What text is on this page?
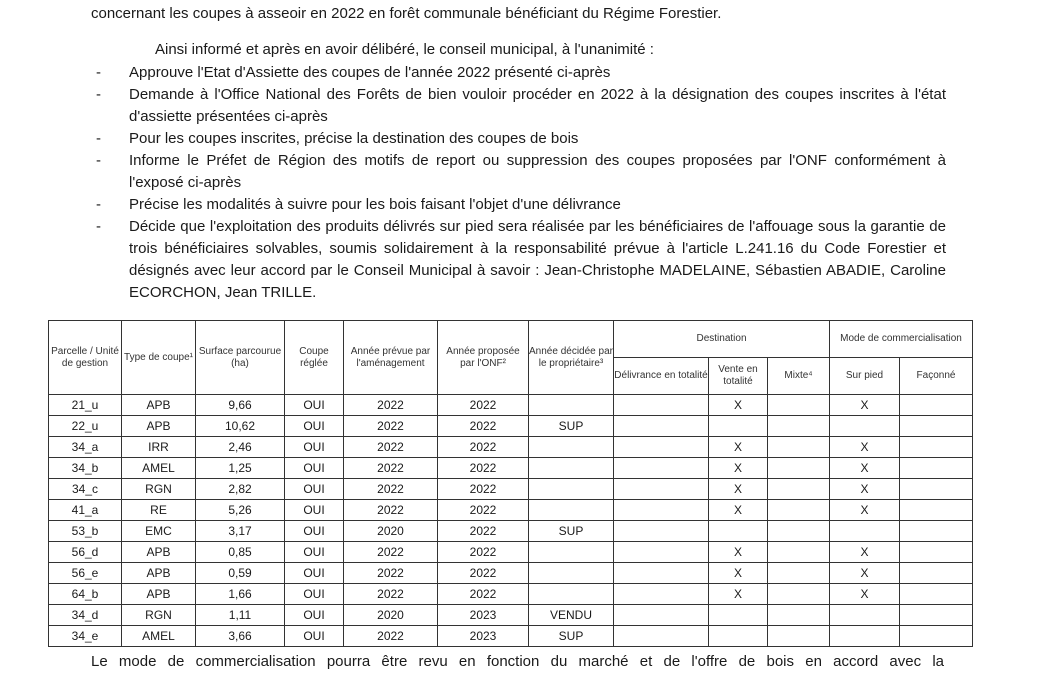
concernant les coupes à asseoir en 2022 en forêt communale bénéficiant du Régime Forestier.
Ainsi informé et après en avoir délibéré, le conseil municipal, à l'unanimité :
-	Approuve l'Etat d'Assiette des coupes de l'année 2022 présenté ci-après
-	Demande à l'Office National des Forêts de bien vouloir procéder en 2022 à la désignation des coupes inscrites à l'état d'assiette présentées ci-après
-	Pour les coupes inscrites, précise la destination des coupes de bois
-	Informe le Préfet de Région des motifs de report ou suppression des coupes proposées par l'ONF conformément à l'exposé ci-après
-	Précise les modalités à suivre pour les bois faisant l'objet d'une délivrance
-	Décide que l'exploitation des produits délivrés sur pied sera réalisée par les bénéficiaires de l'affouage sous la garantie de trois bénéficiaires solvables, soumis solidairement à la responsabilité prévue à l'article L.241.16 du Code Forestier et désignés avec leur accord par le Conseil Municipal à savoir : Jean-Christophe MADELAINE, Sébastien ABADIE, Caroline ECORCHON, Jean TRILLE.
Parcelle / Unité de gestion	Type de coupe¹	Surface parcourue (ha)	Coupe réglée	Année prévue par l'aménagement	Année proposée par l'ONF²	Année décidée par le propriétaire³	Destination			Mode de commercialisation	
							Délivrance en totalité	Vente en totalité	Mixte⁴	Sur pied	Façonné
21_u	APB	9,66	OUI	2022	2022			X		X	
22_u	APB	10,62	OUI	2022	2022	SUP					
34_a	IRR	2,46	OUI	2022	2022			X		X	
34_b	AMEL	1,25	OUI	2022	2022			X		X	
34_c	RGN	2,82	OUI	2022	2022			X		X	
41_a	RE	5,26	OUI	2022	2022			X		X	
53_b	EMC	3,17	OUI	2020	2022	SUP					
56_d	APB	0,85	OUI	2022	2022			X		X	
56_e	APB	0,59	OUI	2022	2022			X		X	
64_b	APB	1,66	OUI	2022	2022			X		X	
34_d	RGN	1,11	OUI	2020	2023	VENDU					
34_e	AMEL	3,66	OUI	2022	2023	SUP					
Le mode de commercialisation pourra être revu en fonction du marché et de l'offre de bois en accord avec la
